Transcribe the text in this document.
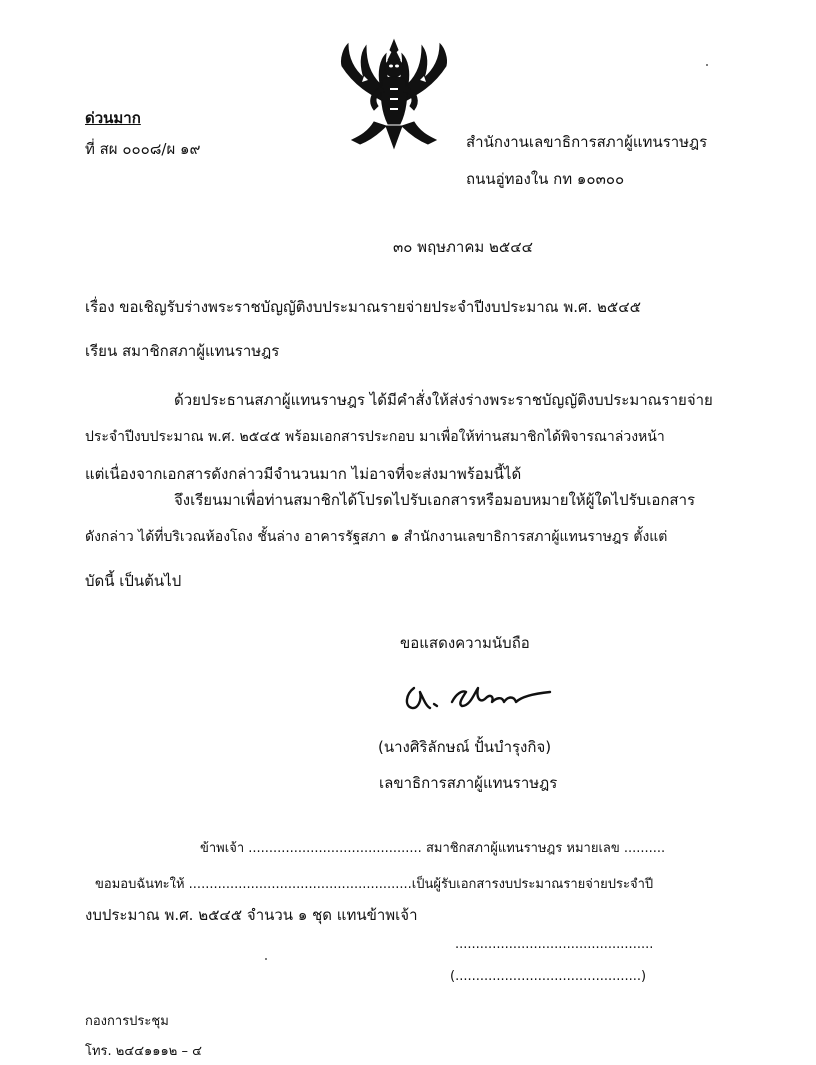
ด่วนมาก
ที่ สผ ๐๐๐๘/ผ ๑๙	สำนักงานเลขาธิการสภาผู้แทนราษฎร
ถนนอู่ทองใน กท ๑๐๓๐๐
๓๐ พฤษภาคม ๒๕๔๔
เรื่อง ขอเชิญรับร่างพระราชบัญญัติงบประมาณรายจ่ายประจำปีงบประมาณ พ.ศ. ๒๕๔๕
เรียน สมาชิกสภาผู้แทนราษฎร
ด้วยประธานสภาผู้แทนราษฎร ได้มีคำสั่งให้ส่งร่างพระราชบัญญัติงบประมาณรายจ่าย
ประจำปีงบประมาณ พ.ศ. ๒๕๔๕ พร้อมเอกสารประกอบ มาเพื่อให้ท่านสมาชิกได้พิจารณาล่วงหน้า
แต่เนื่องจากเอกสารดังกล่าวมีจำนวนมาก ไม่อาจที่จะส่งมาพร้อมนี้ได้
จึงเรียนมาเพื่อท่านสมาชิกได้โปรดไปรับเอกสารหรือมอบหมายให้ผู้ใดไปรับเอกสาร
ดังกล่าว ได้ที่บริเวณห้องโถง ชั้นล่าง อาคารรัฐสภา ๑ สำนักงานเลขาธิการสภาผู้แทนราษฎร ตั้งแต่
บัดนี้ เป็นต้นไป
ขอแสดงความนับถือ
(นางศิริลักษณ์ ปั้นบำรุงกิจ)
เลขาธิการสภาผู้แทนราษฎร
ข้าพเจ้า .......................................... สมาชิกสภาผู้แทนราษฎร หมายเลข ..........
ขอมอบฉันทะให้ ......................................................เป็นผู้รับเอกสารงบประมาณรายจ่ายประจำปี
งบประมาณ พ.ศ. ๒๕๔๕ จำนวน ๑ ชุด แทนข้าพเจ้า
................................................
(.............................................)
กองการประชุม
โทร. ๒๔๔๑๑๑๒ – ๔
